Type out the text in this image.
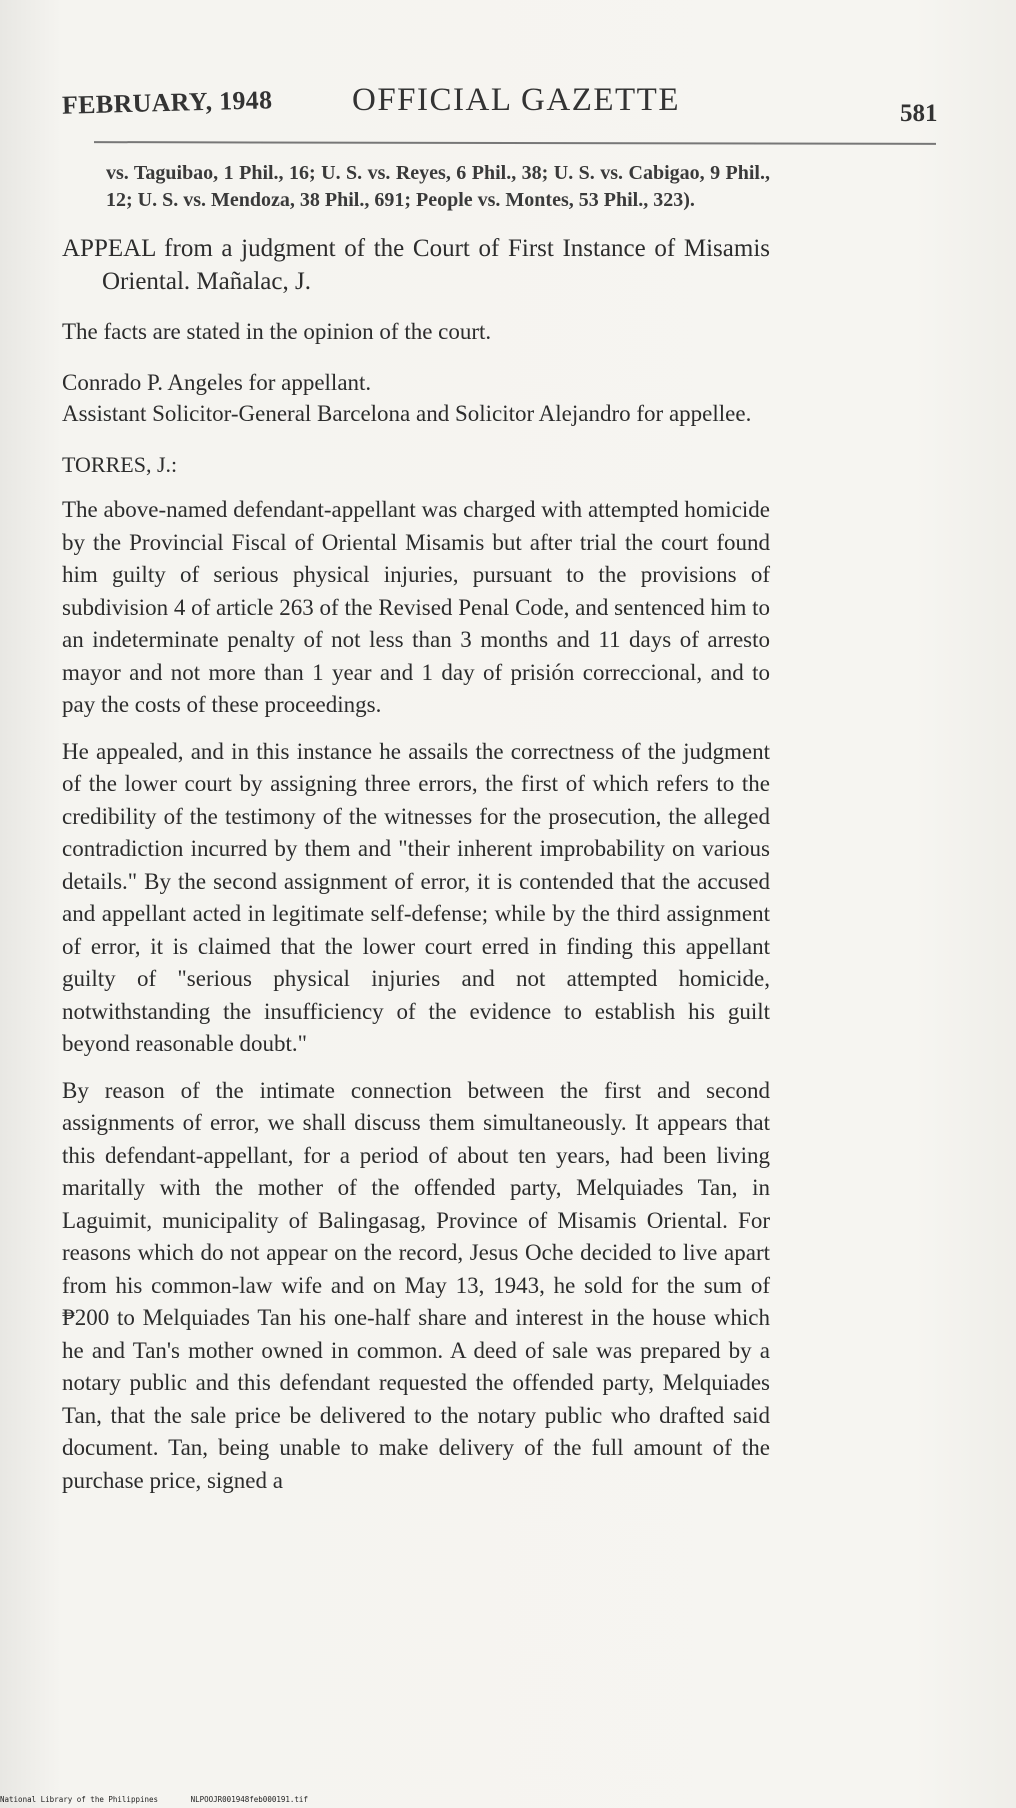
FEBRUARY, 1948 OFFICIAL GAZETTE	581

vs. Taguibao, 1 Phil., 16; U. S. vs. Reyes, 6 Phil., 38; U. S. vs. Cabigao, 9 Phil., 12; U. S. vs. Mendoza, 38 Phil., 691; People vs. Montes, 53 Phil., 323).

APPEAL from a judgment of the Court of First Instance of Misamis Oriental. Mañalac, J.

The facts are stated in the opinion of the court.

Conrado P. Angeles for appellant.

Assistant Solicitor-General Barcelona and Solicitor Alejandro for appellee.

TORRES, J.:

The above-named defendant-appellant was charged with attempted homicide by the Provincial Fiscal of Oriental Misamis but after trial the court found him guilty of serious physical injuries, pursuant to the provisions of subdivision 4 of article 263 of the Revised Penal Code, and sentenced him to an indeterminate penalty of not less than 3 months and 11 days of arresto mayor and not more than 1 year and 1 day of prisión correccional, and to pay the costs of these proceedings.

He appealed, and in this instance he assails the correctness of the judgment of the lower court by assigning three errors, the first of which refers to the credibility of the testimony of the witnesses for the prosecution, the alleged contradiction incurred by them and "their inherent improbability on various details." By the second assignment of error, it is contended that the accused and appellant acted in legitimate self-defense; while by the third assignment of error, it is claimed that the lower court erred in finding this appellant guilty of "serious physical injuries and not attempted homicide, notwithstanding the insufficiency of the evidence to establish his guilt beyond reasonable doubt."

By reason of the intimate connection between the first and second assignments of error, we shall discuss them simultaneously. It appears that this defendant-appellant, for a period of about ten years, had been living maritally with the mother of the offended party, Melquiades Tan, in Laguimit, municipality of Balingasag, Province of Misamis Oriental. For reasons which do not appear on the record, Jesus Oche decided to live apart from his common-law wife and on May 13, 1943, he sold for the sum of ₱200 to Melquiades Tan his one-half share and interest in the house which he and Tan's mother owned in common. A deed of sale was prepared by a notary public and this defendant requested the offended party, Melquiades Tan, that the sale price be delivered to the notary public who drafted said document. Tan, being unable to make delivery of the full amount of the purchase price, signed a

National Library of the Philippines	NLPOOJR001948feb000191.tif
